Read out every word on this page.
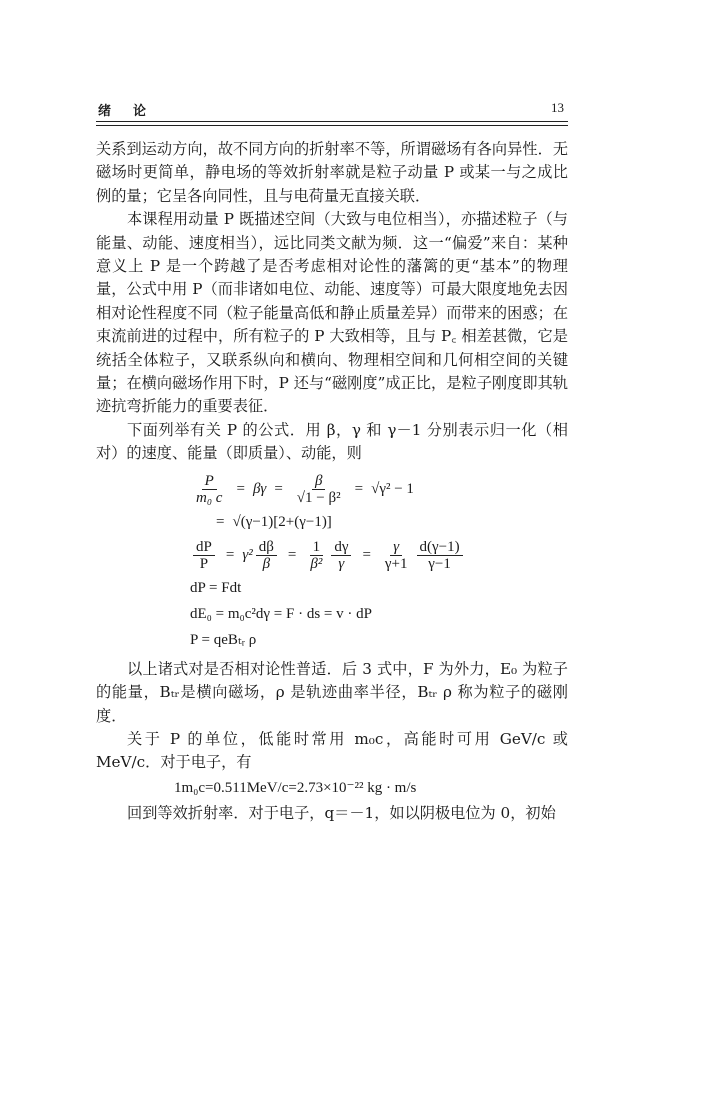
绪论	13

关系到运动方向，故不同方向的折射率不等，所谓磁场有各向异性．无磁场时更简单，静电场的等效折射率就是粒子动量 P 或某一与之成比例的量；它呈各向同性，且与电荷量无直接关联．

本课程用动量 P 既描述空间（大致与电位相当），亦描述粒子（与能量、动能、速度相当），远比同类文献为频．这一“偏爱”来自：某种意义上 P 是一个跨越了是否考虑相对论性的藩篱的更“基本”的物理量，公式中用 P（而非诸如电位、动能、速度等）可最大限度地免去因相对论性程度不同（粒子能量高低和静止质量差异）而带来的困惑；在束流前进的过程中，所有粒子的 P 大致相等，且与 P꜀ 相差甚微，它是统括全体粒子，又联系纵向和横向、物理相空间和几何相空间的关键量；在横向磁场作用下时，P 还与“磁刚度”成正比，是粒子刚度即其轨迹抗弯折能力的重要表征．

下面列举有关 P 的公式．用 β，γ 和 γ－1 分别表示归一化（相对）的速度、能量（即质量）、动能，则

$\frac{P}{\text{m₀ c}} = \beta\gamma = \frac{\beta}{\text{√1 − β²}} = √\gamma^2 - 1$
= √(γ−1)[2+(γ−1)]
$\frac{dP}{P} = \gamma^2 \frac{d\beta}{\beta} = \frac{1}{\text{β²}} \frac{d\gamma}{\gamma} = \frac{\gamma}{\gamma+1} \frac{d(\gamma-1)}{\gamma-1}$
dP = Fdt
dE₀ = m₀c²dγ = F · ds = v · dP
P = qeBₜᵣ ρ

以上诸式对是否相对论性普适．后 3 式中，F 为外力，E₀ 为粒子的能量，Bₜᵣ是横向磁场，ρ 是轨迹曲率半径，Bₜᵣ ρ 称为粒子的磁刚度．

关于 P 的单位，低能时常用 m₀c，高能时可用 GeV/c 或 MeV/c．对于电子，有

1m₀c=0.511MeV/c=2.73×10⁻²² kg · m/s

回到等效折射率．对于电子，q＝－1，如以阴极电位为 0，初始
